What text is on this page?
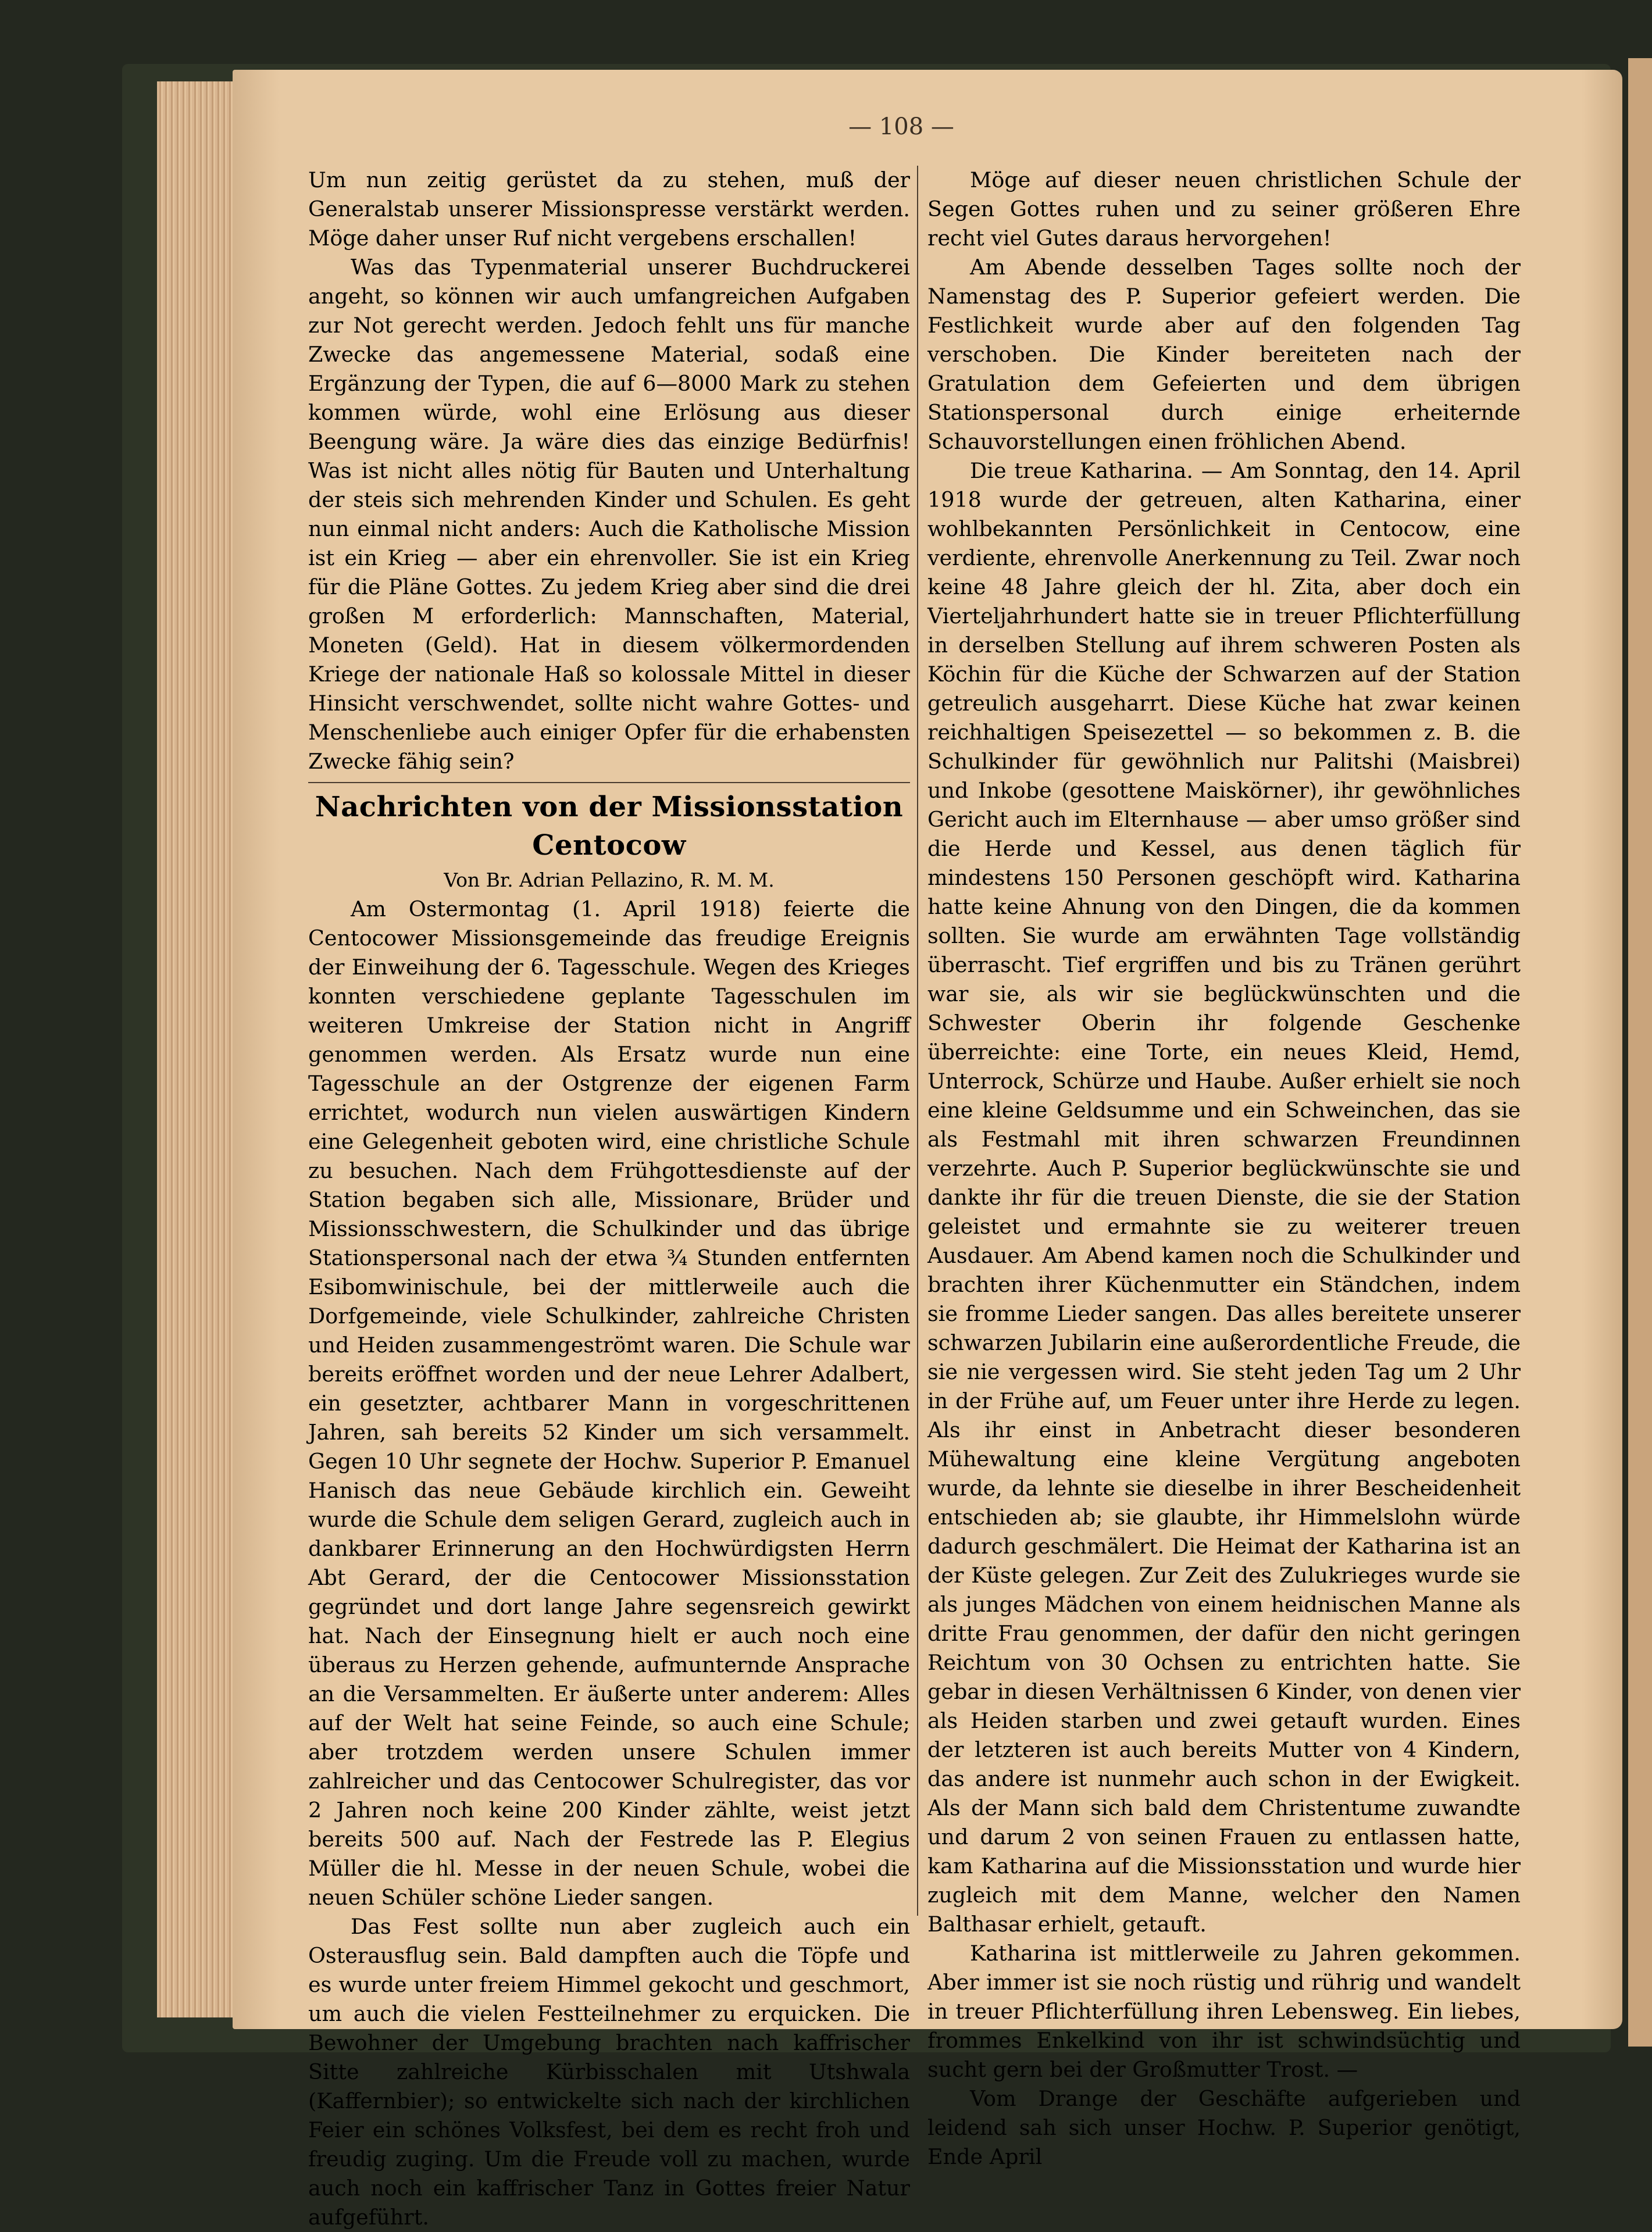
— 108 —

Um nun zeitig gerüstet da zu stehen, muß der Generalstab unserer Missionspresse verstärkt werden. Möge daher unser Ruf nicht vergebens erschallen!

Was das Typenmaterial unserer Buchdruckerei angeht, so können wir auch umfangreichen Aufgaben zur Not gerecht werden. Jedoch fehlt uns für manche Zwecke das angemessene Material, sodaß eine Ergänzung der Typen, die auf 6—8000 Mark zu stehen kommen würde, wohl eine Erlösung aus dieser Beengung wäre. Ja wäre dies das einzige Bedürfnis! Was ist nicht alles nötig für Bauten und Unterhaltung der steis sich mehrenden Kinder und Schulen. Es geht nun einmal nicht anders: Auch die Katholische Mission ist ein Krieg — aber ein ehrenvoller. Sie ist ein Krieg für die Pläne Gottes. Zu jedem Krieg aber sind die drei großen M erforderlich: Mannschaften, Material, Moneten (Geld). Hat in diesem völkermordenden Kriege der nationale Haß so kolossale Mittel in dieser Hinsicht verschwendet, sollte nicht wahre Gottes- und Menschenliebe auch einiger Opfer für die erhabensten Zwecke fähig sein?

Nachrichten von der Missionsstation Centocow

Von Br. Adrian Pellazino, R. M. M.

Am Ostermontag (1. April 1918) feierte die Centocower Missionsgemeinde das freudige Ereignis der Einweihung der 6. Tagesschule. Wegen des Krieges konnten verschiedene geplante Tagesschulen im weiteren Umkreise der Station nicht in Angriff genommen werden. Als Ersatz wurde nun eine Tagesschule an der Ostgrenze der eigenen Farm errichtet, wodurch nun vielen auswärtigen Kindern eine Gelegenheit geboten wird, eine christliche Schule zu besuchen. Nach dem Frühgottesdienste auf der Station begaben sich alle, Missionare, Brüder und Missionsschwestern, die Schulkinder und das übrige Stationspersonal nach der etwa ¾ Stunden entfernten Esibomwinischule, bei der mittlerweile auch die Dorfgemeinde, viele Schulkinder, zahlreiche Christen und Heiden zusammengeströmt waren. Die Schule war bereits eröffnet worden und der neue Lehrer Adalbert, ein gesetzter, achtbarer Mann in vorgeschrittenen Jahren, sah bereits 52 Kinder um sich versammelt. Gegen 10 Uhr segnete der Hochw. Superior P. Emanuel Hanisch das neue Gebäude kirchlich ein. Geweiht wurde die Schule dem seligen Gerard, zugleich auch in dankbarer Erinnerung an den Hochwürdigsten Herrn Abt Gerard, der die Centocower Missionsstation gegründet und dort lange Jahre segensreich gewirkt hat. Nach der Einsegnung hielt er auch noch eine überaus zu Herzen gehende, aufmunternde Ansprache an die Versammelten. Er äußerte unter anderem: Alles auf der Welt hat seine Feinde, so auch eine Schule; aber trotzdem werden unsere Schulen immer zahlreicher und das Centocower Schulregister, das vor 2 Jahren noch keine 200 Kinder zählte, weist jetzt bereits 500 auf. Nach der Festrede las P. Elegius Müller die hl. Messe in der neuen Schule, wobei die neuen Schüler schöne Lieder sangen.

Das Fest sollte nun aber zugleich auch ein Osterausflug sein. Bald dampften auch die Töpfe und es wurde unter freiem Himmel gekocht und geschmort, um auch die vielen Festteilnehmer zu erquicken. Die Bewohner der Umgebung brachten nach kaffrischer Sitte zahlreiche Kürbisschalen mit Utshwala (Kaffernbier); so entwickelte sich nach der kirchlichen Feier ein schönes Volksfest, bei dem es recht froh und freudig zuging. Um die Freude voll zu machen, wurde auch noch ein kaffrischer Tanz in Gottes freier Natur aufgeführt.

Möge auf dieser neuen christlichen Schule der Segen Gottes ruhen und zu seiner größeren Ehre recht viel Gutes daraus hervorgehen!

Am Abende desselben Tages sollte noch der Namenstag des P. Superior gefeiert werden. Die Festlichkeit wurde aber auf den folgenden Tag verschoben. Die Kinder bereiteten nach der Gratulation dem Gefeierten und dem übrigen Stationspersonal durch einige erheiternde Schauvorstellungen einen fröhlichen Abend.

Die treue Katharina. — Am Sonntag, den 14. April 1918 wurde der getreuen, alten Katharina, einer wohlbekannten Persönlichkeit in Centocow, eine verdiente, ehrenvolle Anerkennung zu Teil. Zwar noch keine 48 Jahre gleich der hl. Zita, aber doch ein Vierteljahrhundert hatte sie in treuer Pflichterfüllung in derselben Stellung auf ihrem schweren Posten als Köchin für die Küche der Schwarzen auf der Station getreulich ausgeharrt. Diese Küche hat zwar keinen reichhaltigen Speisezettel — so bekommen z. B. die Schulkinder für gewöhnlich nur Palitshi (Maisbrei) und Inkobe (gesottene Maiskörner), ihr gewöhnliches Gericht auch im Elternhause — aber umso größer sind die Herde und Kessel, aus denen täglich für mindestens 150 Personen geschöpft wird. Katharina hatte keine Ahnung von den Dingen, die da kommen sollten. Sie wurde am erwähnten Tage vollständig überrascht. Tief ergriffen und bis zu Tränen gerührt war sie, als wir sie beglückwünschten und die Schwester Oberin ihr folgende Geschenke überreichte: eine Torte, ein neues Kleid, Hemd, Unterrock, Schürze und Haube. Außer erhielt sie noch eine kleine Geldsumme und ein Schweinchen, das sie als Festmahl mit ihren schwarzen Freundinnen verzehrte. Auch P. Superior beglückwünschte sie und dankte ihr für die treuen Dienste, die sie der Station geleistet und ermahnte sie zu weiterer treuen Ausdauer. Am Abend kamen noch die Schulkinder und brachten ihrer Küchenmutter ein Ständchen, indem sie fromme Lieder sangen. Das alles bereitete unserer schwarzen Jubilarin eine außerordentliche Freude, die sie nie vergessen wird. Sie steht jeden Tag um 2 Uhr in der Frühe auf, um Feuer unter ihre Herde zu legen. Als ihr einst in Anbetracht dieser besonderen Mühewaltung eine kleine Vergütung angeboten wurde, da lehnte sie dieselbe in ihrer Bescheidenheit entschieden ab; sie glaubte, ihr Himmelslohn würde dadurch geschmälert. Die Heimat der Katharina ist an der Küste gelegen. Zur Zeit des Zulukrieges wurde sie als junges Mädchen von einem heidnischen Manne als dritte Frau genommen, der dafür den nicht geringen Reichtum von 30 Ochsen zu entrichten hatte. Sie gebar in diesen Verhältnissen 6 Kinder, von denen vier als Heiden starben und zwei getauft wurden. Eines der letzteren ist auch bereits Mutter von 4 Kindern, das andere ist nunmehr auch schon in der Ewigkeit. Als der Mann sich bald dem Christentume zuwandte und darum 2 von seinen Frauen zu entlassen hatte, kam Katharina auf die Missionsstation und wurde hier zugleich mit dem Manne, welcher den Namen Balthasar erhielt, getauft.

Katharina ist mittlerweile zu Jahren gekommen. Aber immer ist sie noch rüstig und rührig und wandelt in treuer Pflichterfüllung ihren Lebensweg. Ein liebes, frommes Enkelkind von ihr ist schwindsüchtig und sucht gern bei der Großmutter Trost. —

Vom Drange der Geschäfte aufgerieben und leidend sah sich unser Hochw. P. Superior genötigt, Ende April
